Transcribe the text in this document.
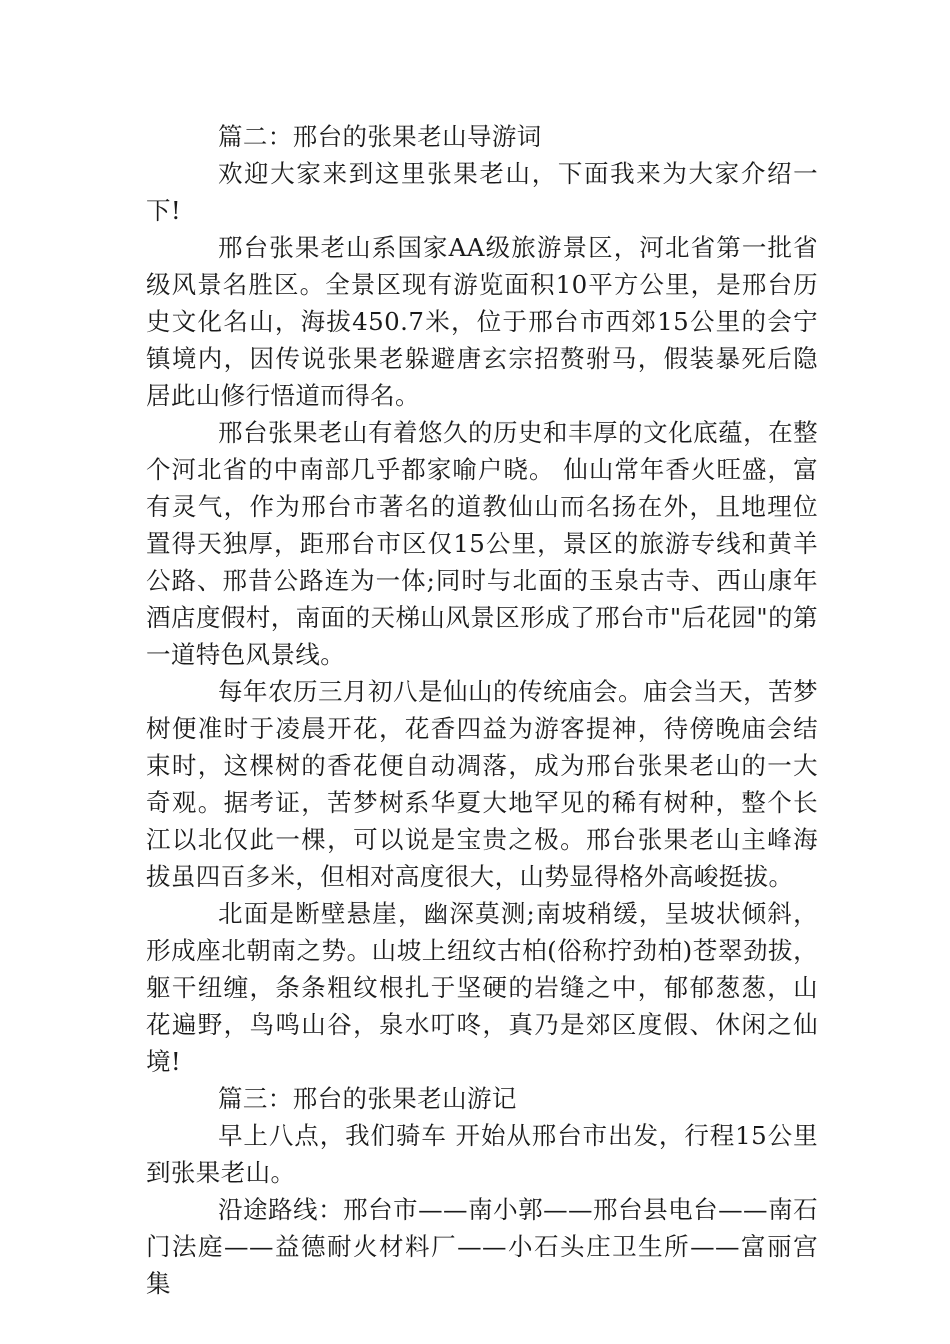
篇二：邢台的张果老山导游词

欢迎大家来到这里张果老山，下面我来为大家介绍一下!

邢台张果老山系国家AA级旅游景区，河北省第一批省级风景名胜区。全景区现有游览面积10平方公里，是邢台历史文化名山，海拔450.7米，位于邢台市西郊15公里的会宁镇境内，因传说张果老躲避唐玄宗招赘驸马，假装暴死后隐居此山修行悟道而得名。

邢台张果老山有着悠久的历史和丰厚的文化底蕴，在整个河北省的中南部几乎都家喻户晓。 仙山常年香火旺盛，富有灵气，作为邢台市著名的道教仙山而名扬在外，且地理位置得天独厚，距邢台市区仅15公里，景区的旅游专线和黄羊公路、邢昔公路连为一体;同时与北面的玉泉古寺、西山康年酒店度假村，南面的天梯山风景区形成了邢台市"后花园"的第一道特色风景线。

每年农历三月初八是仙山的传统庙会。庙会当天，苦梦树便准时于凌晨开花，花香四益为游客提神，待傍晚庙会结束时，这棵树的香花便自动凋落，成为邢台张果老山的一大奇观。据考证，苦梦树系华夏大地罕见的稀有树种，整个长江以北仅此一棵，可以说是宝贵之极。邢台张果老山主峰海拔虽四百多米，但相对高度很大，山势显得格外高峻挺拔。

北面是断壁悬崖，幽深莫测;南坡稍缓，呈坡状倾斜，形成座北朝南之势。山坡上纽纹古柏(俗称拧劲柏)苍翠劲拔，躯干纽缠，条条粗纹根扎于坚硬的岩缝之中，郁郁葱葱，山花遍野，鸟鸣山谷，泉水叮咚，真乃是郊区度假、休闲之仙境!

篇三：邢台的张果老山游记

早上八点，我们骑车 开始从邢台市出发，行程15公里到张果老山。

沿途路线：邢台市——南小郭——邢台县电台——南石门法庭——益德耐火材料厂——小石头庄卫生所——富丽宫集
